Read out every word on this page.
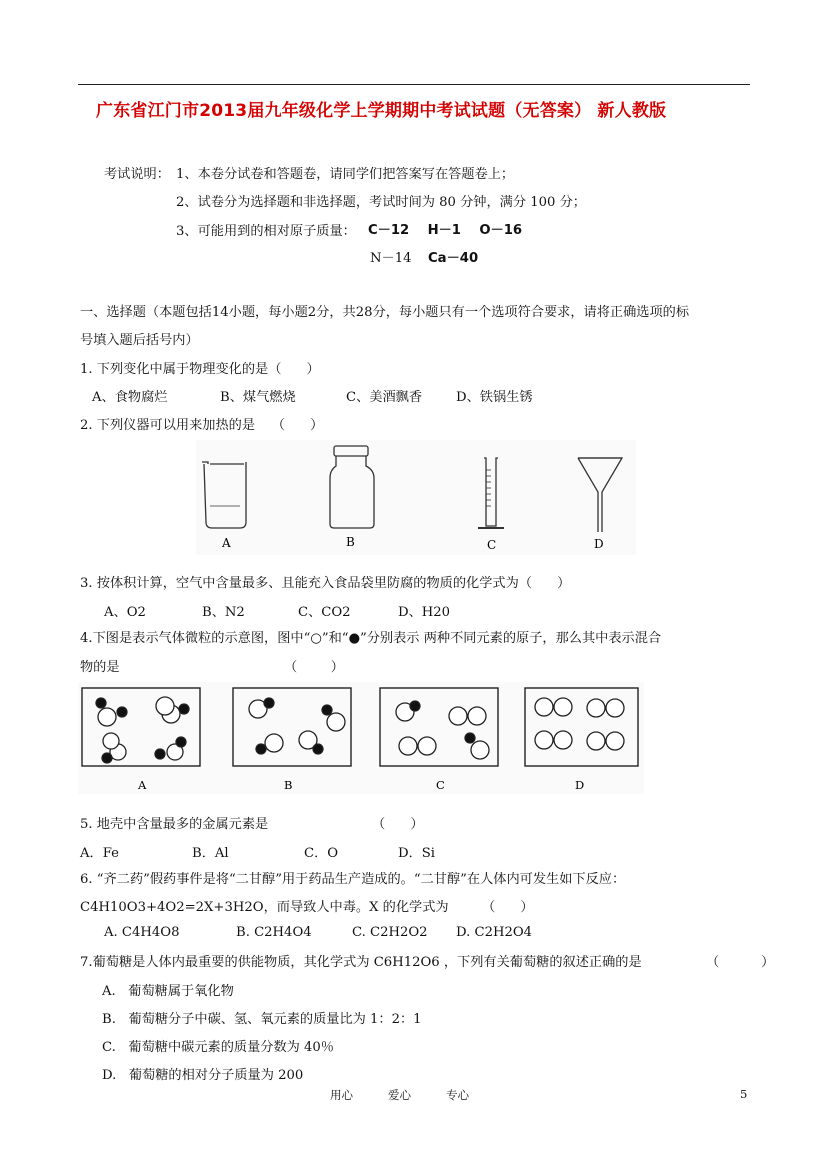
广东省江门市2013届九年级化学上学期期中考试试题（无答案） 新人教版
考试说明： 1、本卷分试卷和答题卷，请同学们把答案写在答题卷上；
2、试卷分为选择题和非选择题，考试时间为 80 分钟，满分 100 分；
3、可能用到的相对原子质量： C－12    H－1    O－16
N－14 Ca－40
一、选择题（本题包括14小题，每小题2分，共28分，每小题只有一个选项符合要求，请将正确选项的标
号填入题后括号内）
1. 下列变化中属于物理变化的是（      ）
A、食物腐烂	B、煤气燃烧	C、美酒飘香	D、铁锅生锈
2. 下列仪器可以用来加热的是    （      ）
A	B	C	D
3. 按体积计算，空气中含量最多、且能充入食品袋里防腐的物质的化学式为（      ）
A、O2	B、N2	C、CO2	D、H20
4.下图是表示气体微粒的示意图，图中“○”和“●”分别表示 两种不同元素的原子，那么其中表示混合
物的是	（        ）
A	B	C	D
5. 地壳中含量最多的金属元素是	（      ）
A．Fe	B．Al	C．O	D．Si
6. “齐二药”假药事件是将“二甘醇”用于药品生产造成的。“二甘醇”在人体内可发生如下反应：
C4H10O3+4O2=2X+3H2O，而导致人中毒。X 的化学式为	（      ）
A. C4H4O8	B. C2H4O4	C. C2H2O2 D. C2H2O4
7.葡萄糖是人体内最重要的供能物质，其化学式为 C6H12O6 ，下列有关葡萄糖的叙述正确的是	（          ）
A.   葡萄糖属于氧化物
B.   葡萄糖分子中碳、氢、氧元素的质量比为 1：2：1
C.   葡萄糖中碳元素的质量分数为 40％
D.   葡萄糖的相对分子质量为 200
用心	爱心	专心	5
